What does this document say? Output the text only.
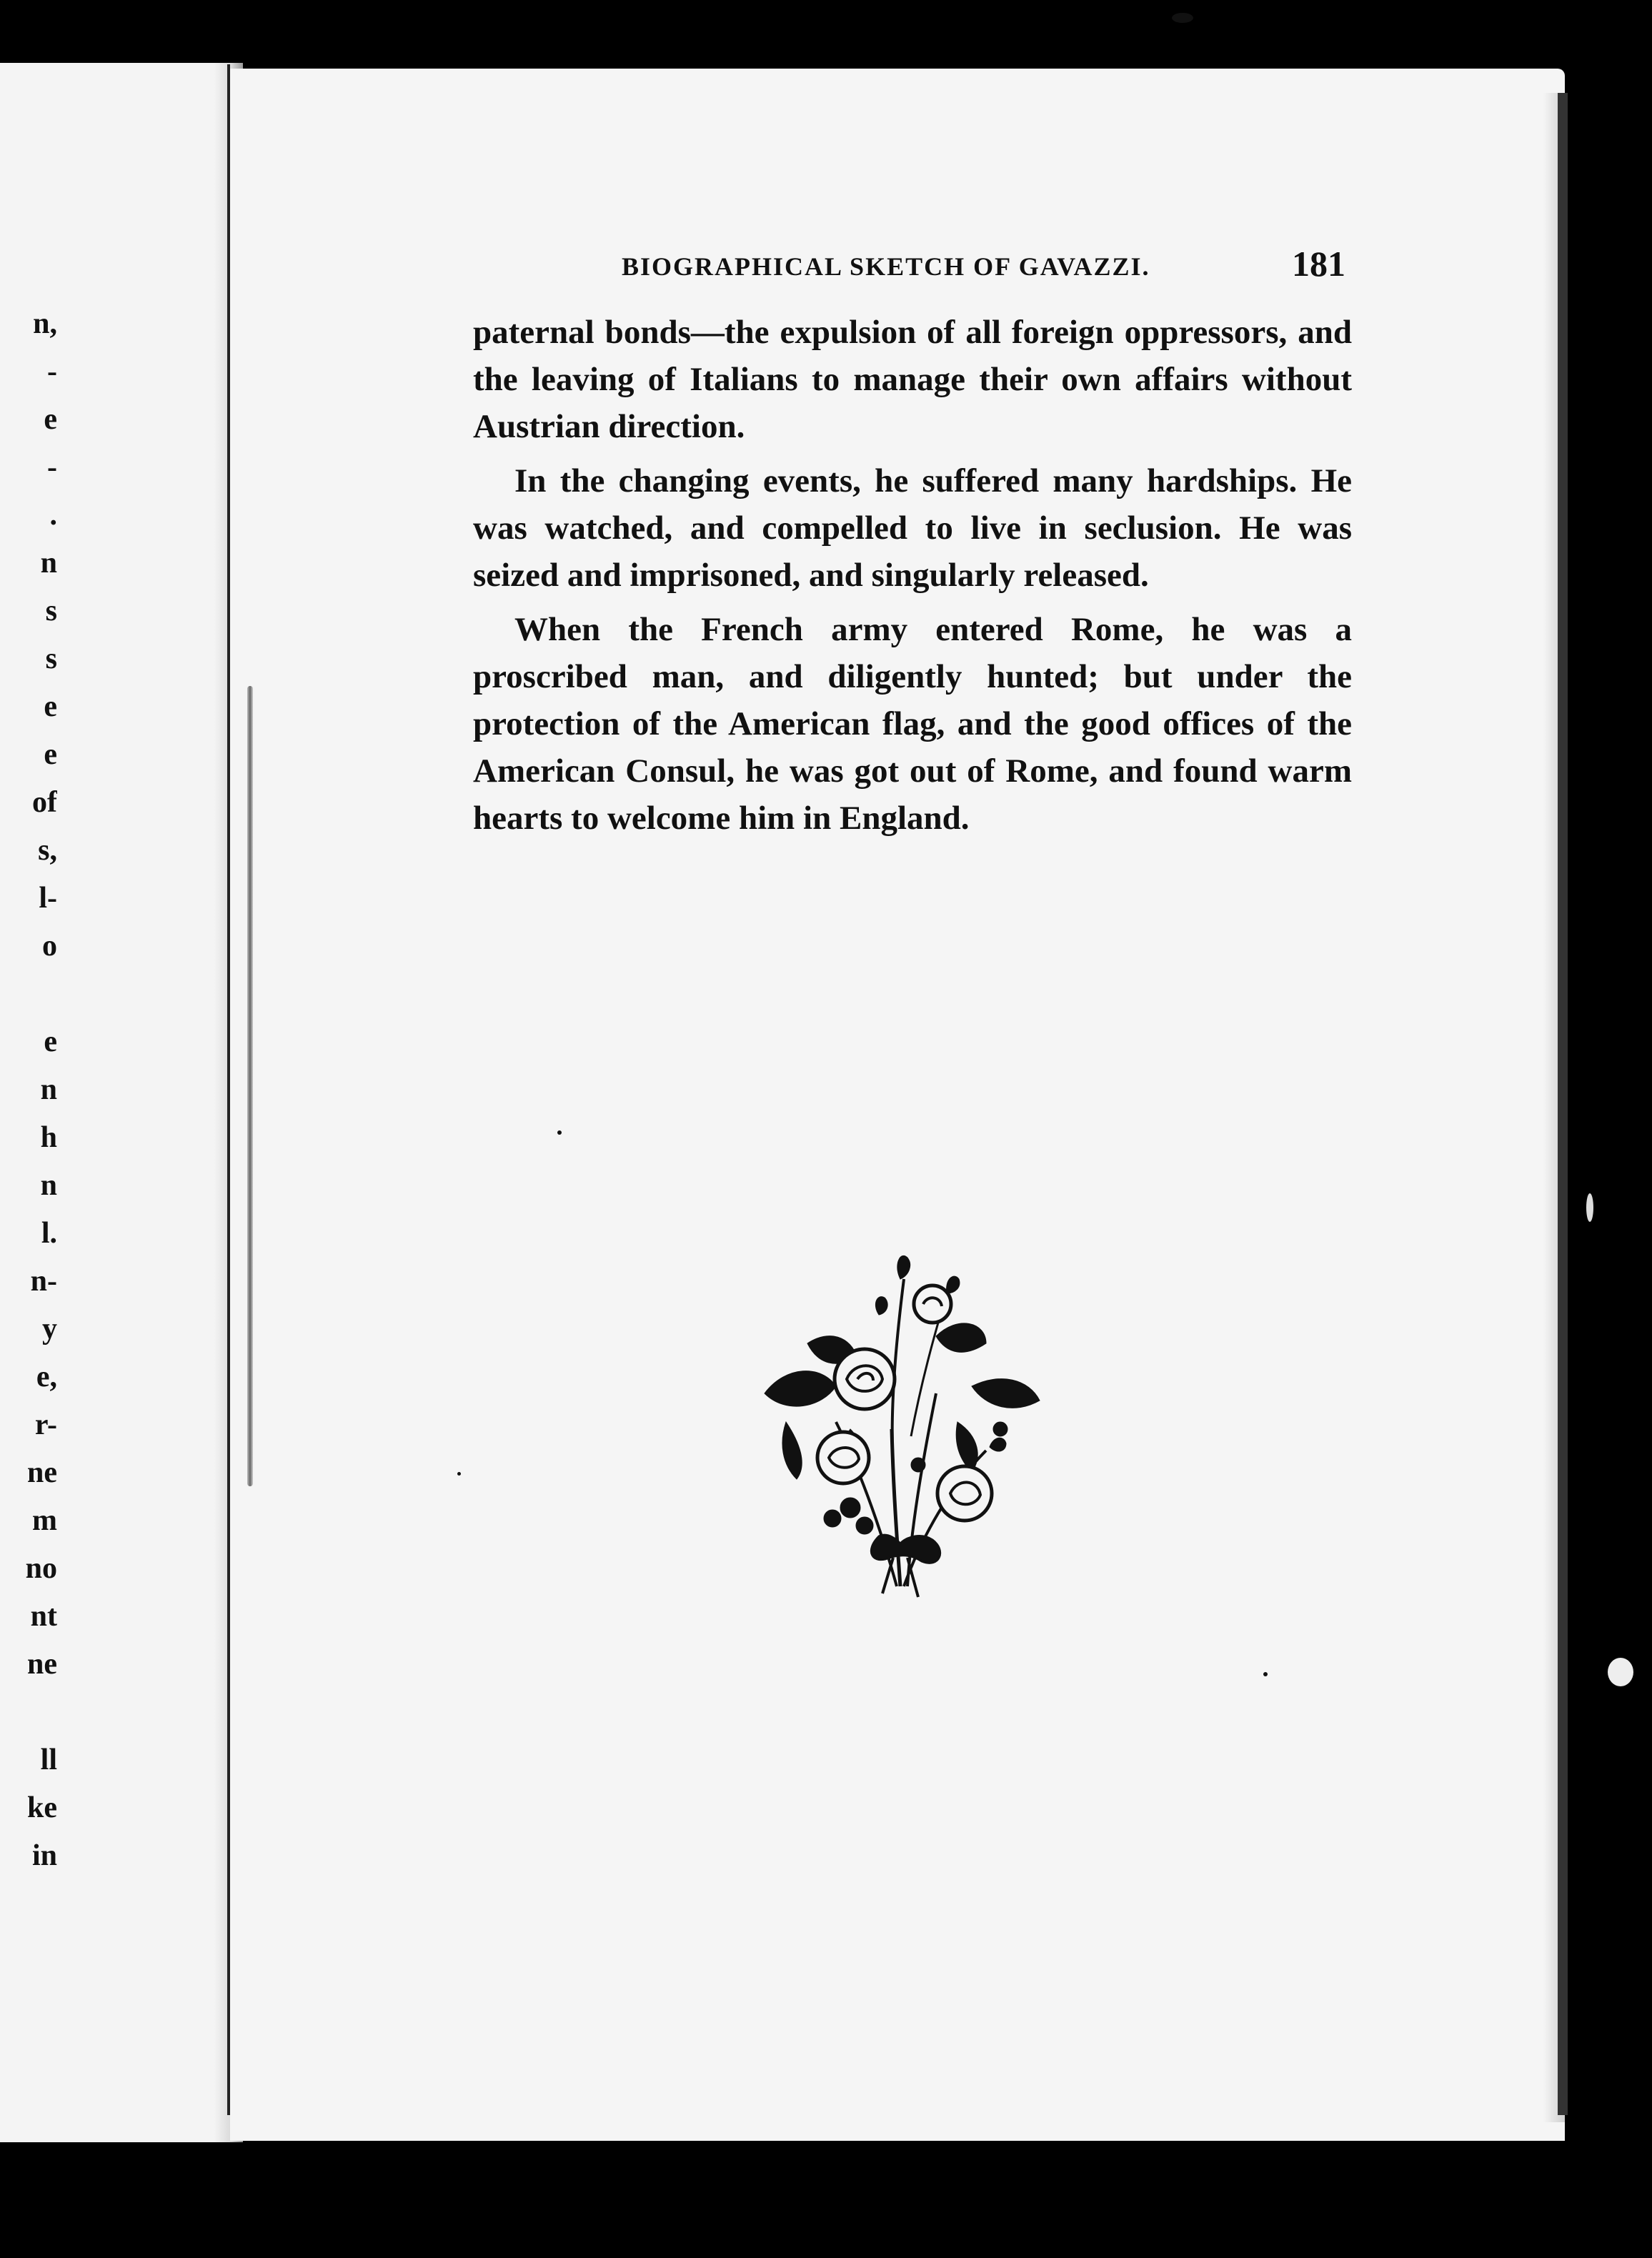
n,
-
e
-
.
n
s
s
e
e
of
s,
l-
o

e
n
h
n
l.
n-
y
e,
r-
ne
m
no
nt
ne

ll
ke
in
BIOGRAPHICAL SKETCH OF GAVAZZI.	181

paternal bonds—the expulsion of all foreign oppressors, and the leaving of Italians to manage their own affairs without Austrian direction.

In the changing events, he suffered many hardships. He was watched, and compelled to live in seclusion. He was seized and imprisoned, and singularly released.

When the French army entered Rome, he was a proscribed man, and diligently hunted; but under the protection of the American flag, and the good offices of the American Consul, he was got out of Rome, and found warm hearts to welcome him in England.
